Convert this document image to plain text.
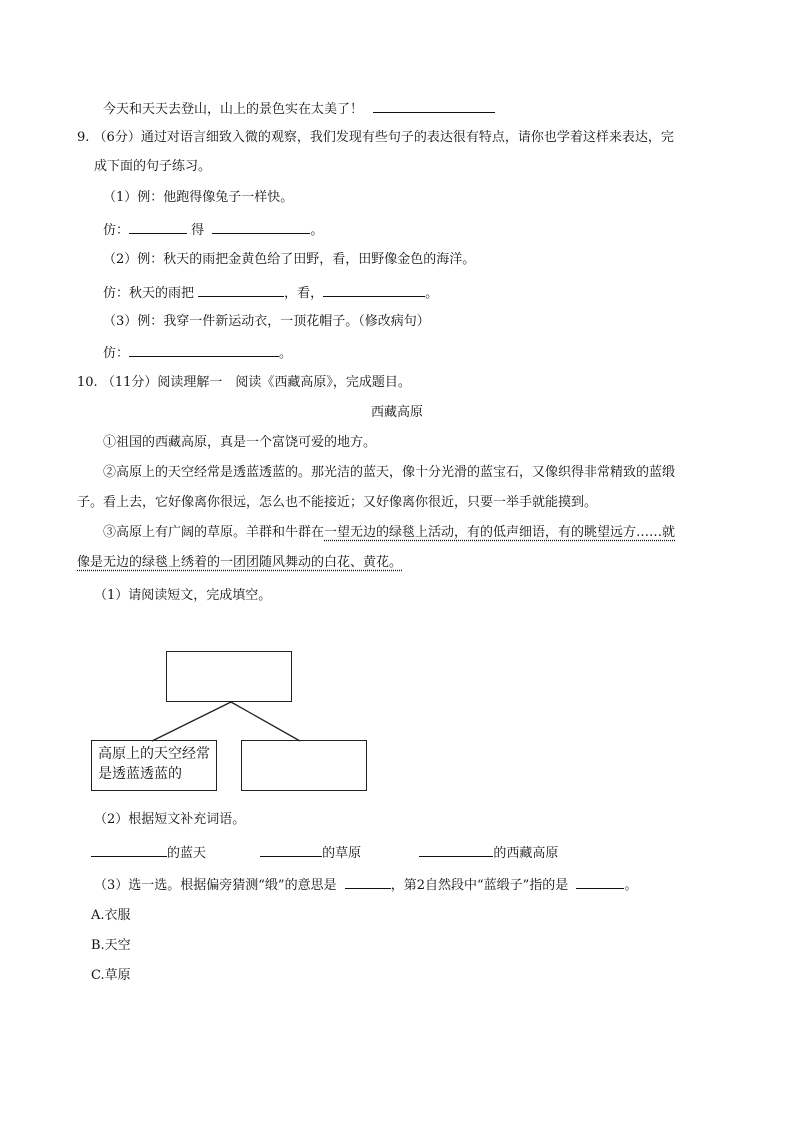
今天和天天去登山，山上的景色实在太美了！
9. （6分）通过对语言细致入微的观察，我们发现有些句子的表达很有特点，请你也学着这样来表达，完
成下面的句子练习。
（1）例：他跑得像兔子一样快。
仿：	得	。
（2）例：秋天的雨把金黄色给了田野，看，田野像金色的海洋。
仿：秋天的雨把	，看，	。
（3）例：我穿一件新运动衣，一顶花帽子。（修改病句）
仿：	。
10. （11分）阅读理解一　阅读《西藏高原》，完成题目。
西藏高原
①祖国的西藏高原，真是一个富饶可爱的地方。
②高原上的天空经常是透蓝透蓝的。那光洁的蓝天，像十分光滑的蓝宝石，又像织得非常精致的蓝缎
子。看上去，它好像离你很远，怎么也不能接近；又好像离你很近，只要一举手就能摸到。
③高原上有广阔的草原。羊群和牛群在一望无边的绿毯上活动，有的低声细语，有的眺望远方……就
像是无边的绿毯上绣着的一团团随风舞动的白花、黄花。
（1）请阅读短文，完成填空。
高原上的天空经常
是透蓝透蓝的
（2）根据短文补充词语。
的蓝天	的草原	的西藏高原
（3）选一选。根据偏旁猜测“缎”的意思是	，第2自然段中“蓝缎子”指的是	。
A.衣服
B.天空
C.草原
